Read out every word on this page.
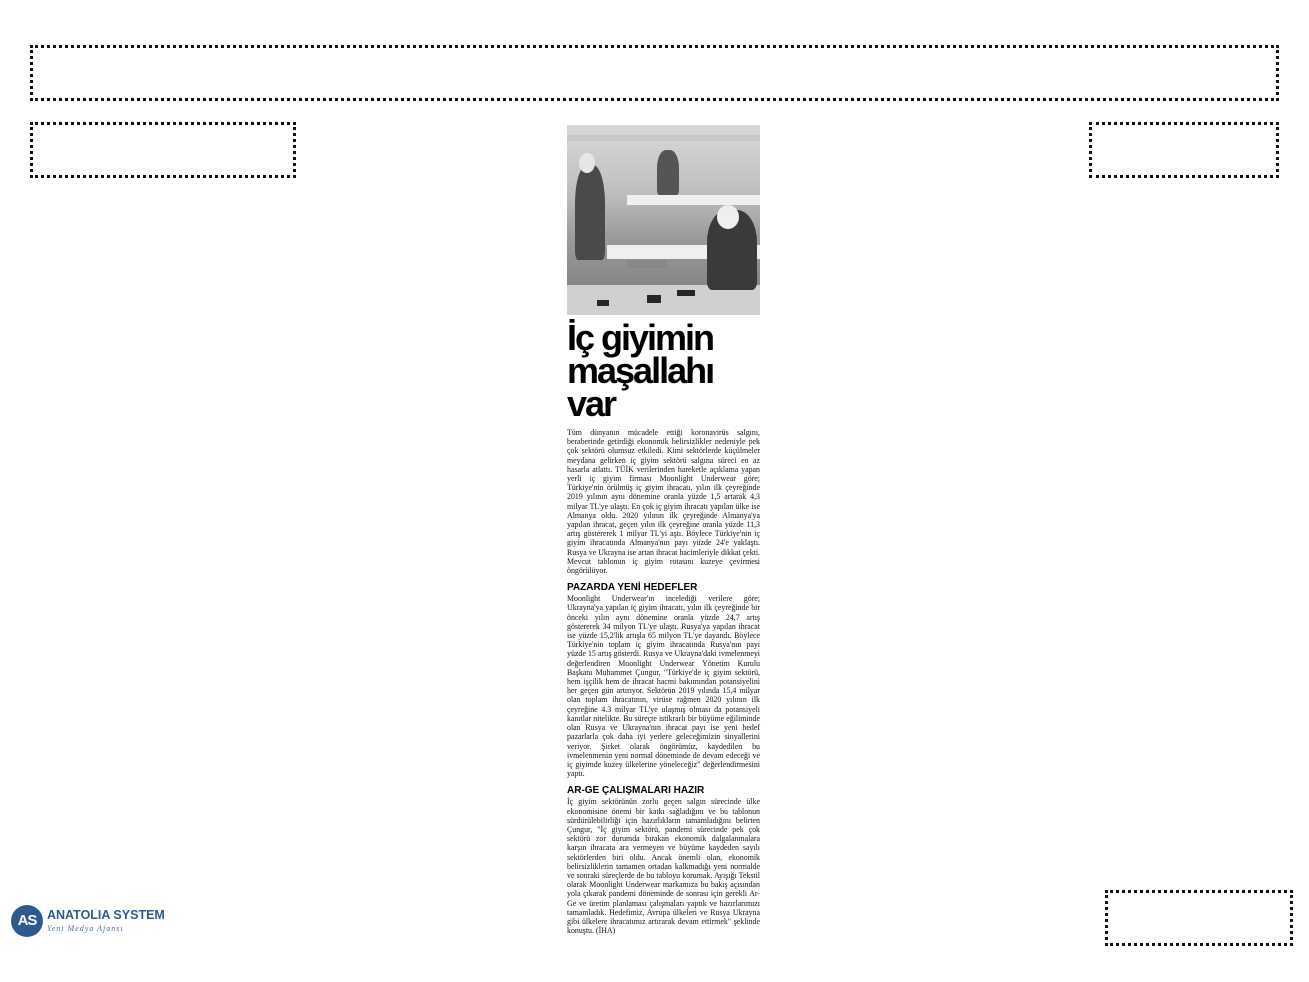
İç giyimin
maşallahı var

Tüm dünyanın mücadele ettiği koronavirüs salgını, beraberinde getirdiği ekonomik belirsizlikler nedeniyle pek çok sektörü olumsuz etkiledi. Kimi sektörlerde küçülmeler meydana gelirken iç giyim sektörü salgına süreci en az hasarla atlattı. TÜİK verilerinden hareketle açıklama yapan yerli iç giyim firması Moonlight Underwear göre; Türkiye'nin örülmüş iç giyim ihracatı, yılın ilk çeyreğinde 2019 yılının aynı dönemine oranla yüzde 1,5 artarak 4,3 milyar TL'ye ulaştı. En çok iç giyim ihracatı yapılan ülke ise Almanya oldu. 2020 yılının ilk çeyreğinde Almanya'ya yapılan ihracat, geçen yılın ilk çeyreğine oranla yüzde 11,3 artış göstererek 1 milyar TL'yi aştı. Böylece Türkiye'nin iç giyim ihracatında Almanya'nın payı yüzde 24'e yaklaştı. Rusya ve Ukrayna ise artan ihracat hacimleriyle dikkat çekti. Mevcut tablonun iç giyim rotasını kuzeye çevirmesi öngörülüyor.

PAZARDA YENİ HEDEFLER

Moonlight Underwear'ın incelediği verilere göre; Ukrayna'ya yapılan iç giyim ihracatı, yılın ilk çeyreğinde bir önceki yılın aynı dönemine oranla yüzde 24,7 artış göstererek 34 milyon TL'ye ulaştı. Rusya'ya yapılan ihracat ise yüzde 15,2'lik artışla 65 milyon TL'ye dayandı. Böylece Türkiye'nin toplam iç giyim ihracatında Rusya'nın payı yüzde 15 artış gösterdi. Rusya ve Ukrayna'daki ivmelenmeyi değerlendiren Moonlight Underwear Yönetim Kurulu Başkanı Muhammet Çungur, "Türkiye'de iç giyim sektörü, hem işçilik hem de ihracat hacmi bakımından potansiyelini her geçen gün artırıyor. Sektörün 2019 yılında 15,4 milyar olan toplam ihracatının, virüse rağmen 2020 yılının ilk çeyreğine 4.3 milyar TL'ye ulaşmış olması da potansiyeli kanıtlar nitelikte. Bu süreçte istikrarlı bir büyüme eğiliminde olan Rusya ve Ukrayna'nın ihracat payı ise yeni hedef pazarlarla çok daha iyi yerlere geleceğimizin sinyallerini veriyor. Şirket olarak öngörümüz, kaydedilen bu ivmelenmenin yeni normal döneminde de devam edeceği ve iç giyimde kuzey ülkelerine yöneleceğiz" değerlendirmesini yaptı.

AR-GE ÇALIŞMALARI HAZIR

İç giyim sektörünün zorlu geçen salgın sürecinde ülke ekonomisine önemi bir katkı sağladığını ve bu tablonun sürdürülebilirliği için hazırlıkların tamamladığını belirten Çungur, "İç giyim sektörü, pandemi sürecinde pek çok sektörü zor durumda bırakan ekonomik dalgalanmalara karşın ihracata ara vermeyen ve büyüme kaydeden sayılı sektörlerden biri oldu. Ancak önemli olan, ekonomik belirsizliklerin tamamen ortadan kalkmadığı yeni normalde ve sonraki süreçlerde de bu tabloyu korumak. Ayışığı Tekstil olarak Moonlight Underwear markamıza bu bakış açısından yola çıkarak pandemi döneminde de sonrası için gerekli Ar-Ge ve üretim planlaması çalışmaları yaptık ve hazırlarımızı tamamladık. Hedefimiz, Avrupa ülkeleri ve Rusya Ukrayna gibi ülkelere ihracatımız artırarak devam ettirmek" şeklinde konuştu. (İHA)

AS ANATOLIA SYSTEM
Yeni Medya Ajansı
